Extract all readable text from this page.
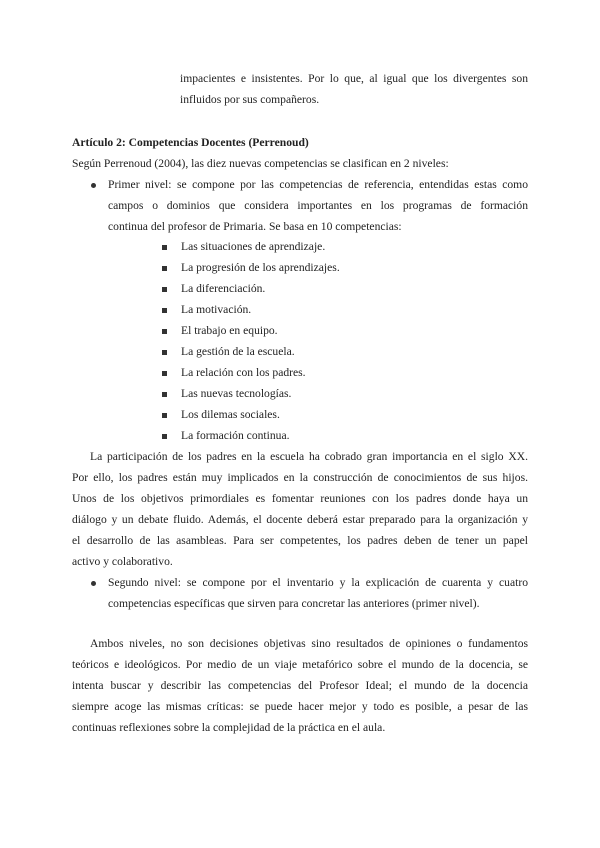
impacientes e insistentes. Por lo que, al igual que los divergentes son
influidos por sus compañeros.
Artículo 2: Competencias Docentes (Perrenoud)
Según Perrenoud (2004), las diez nuevas competencias se clasifican en 2 niveles:
Primer nivel: se compone por las competencias de referencia, entendidas estas como
campos o dominios que considera importantes en los programas de formación
continua del profesor de Primaria. Se basa en 10 competencias:
Las situaciones de aprendizaje.
La progresión de los aprendizajes.
La diferenciación.
La motivación.
El trabajo en equipo.
La gestión de la escuela.
La relación con los padres.
Las nuevas tecnologías.
Los dilemas sociales.
La formación continua.
La participación de los padres en la escuela ha cobrado gran importancia en el siglo XX.
Por ello, los padres están muy implicados en la construcción de conocimientos de sus hijos.
Unos de los objetivos primordiales es fomentar reuniones con los padres donde haya un
diálogo y un debate fluido. Además, el docente deberá estar preparado para la organización y
el desarrollo de las asambleas. Para ser competentes, los padres deben de tener un papel
activo y colaborativo.
Segundo nivel: se compone por el inventario y la explicación de cuarenta y cuatro
competencias específicas que sirven para concretar las anteriores (primer nivel).
Ambos niveles, no son decisiones objetivas sino resultados de opiniones o fundamentos
teóricos e ideológicos. Por medio de un viaje metafórico sobre el mundo de la docencia, se
intenta buscar y describir las competencias del Profesor Ideal; el mundo de la docencia
siempre acoge las mismas críticas: se puede hacer mejor y todo es posible, a pesar de las
continuas reflexiones sobre la complejidad de la práctica en el aula.
